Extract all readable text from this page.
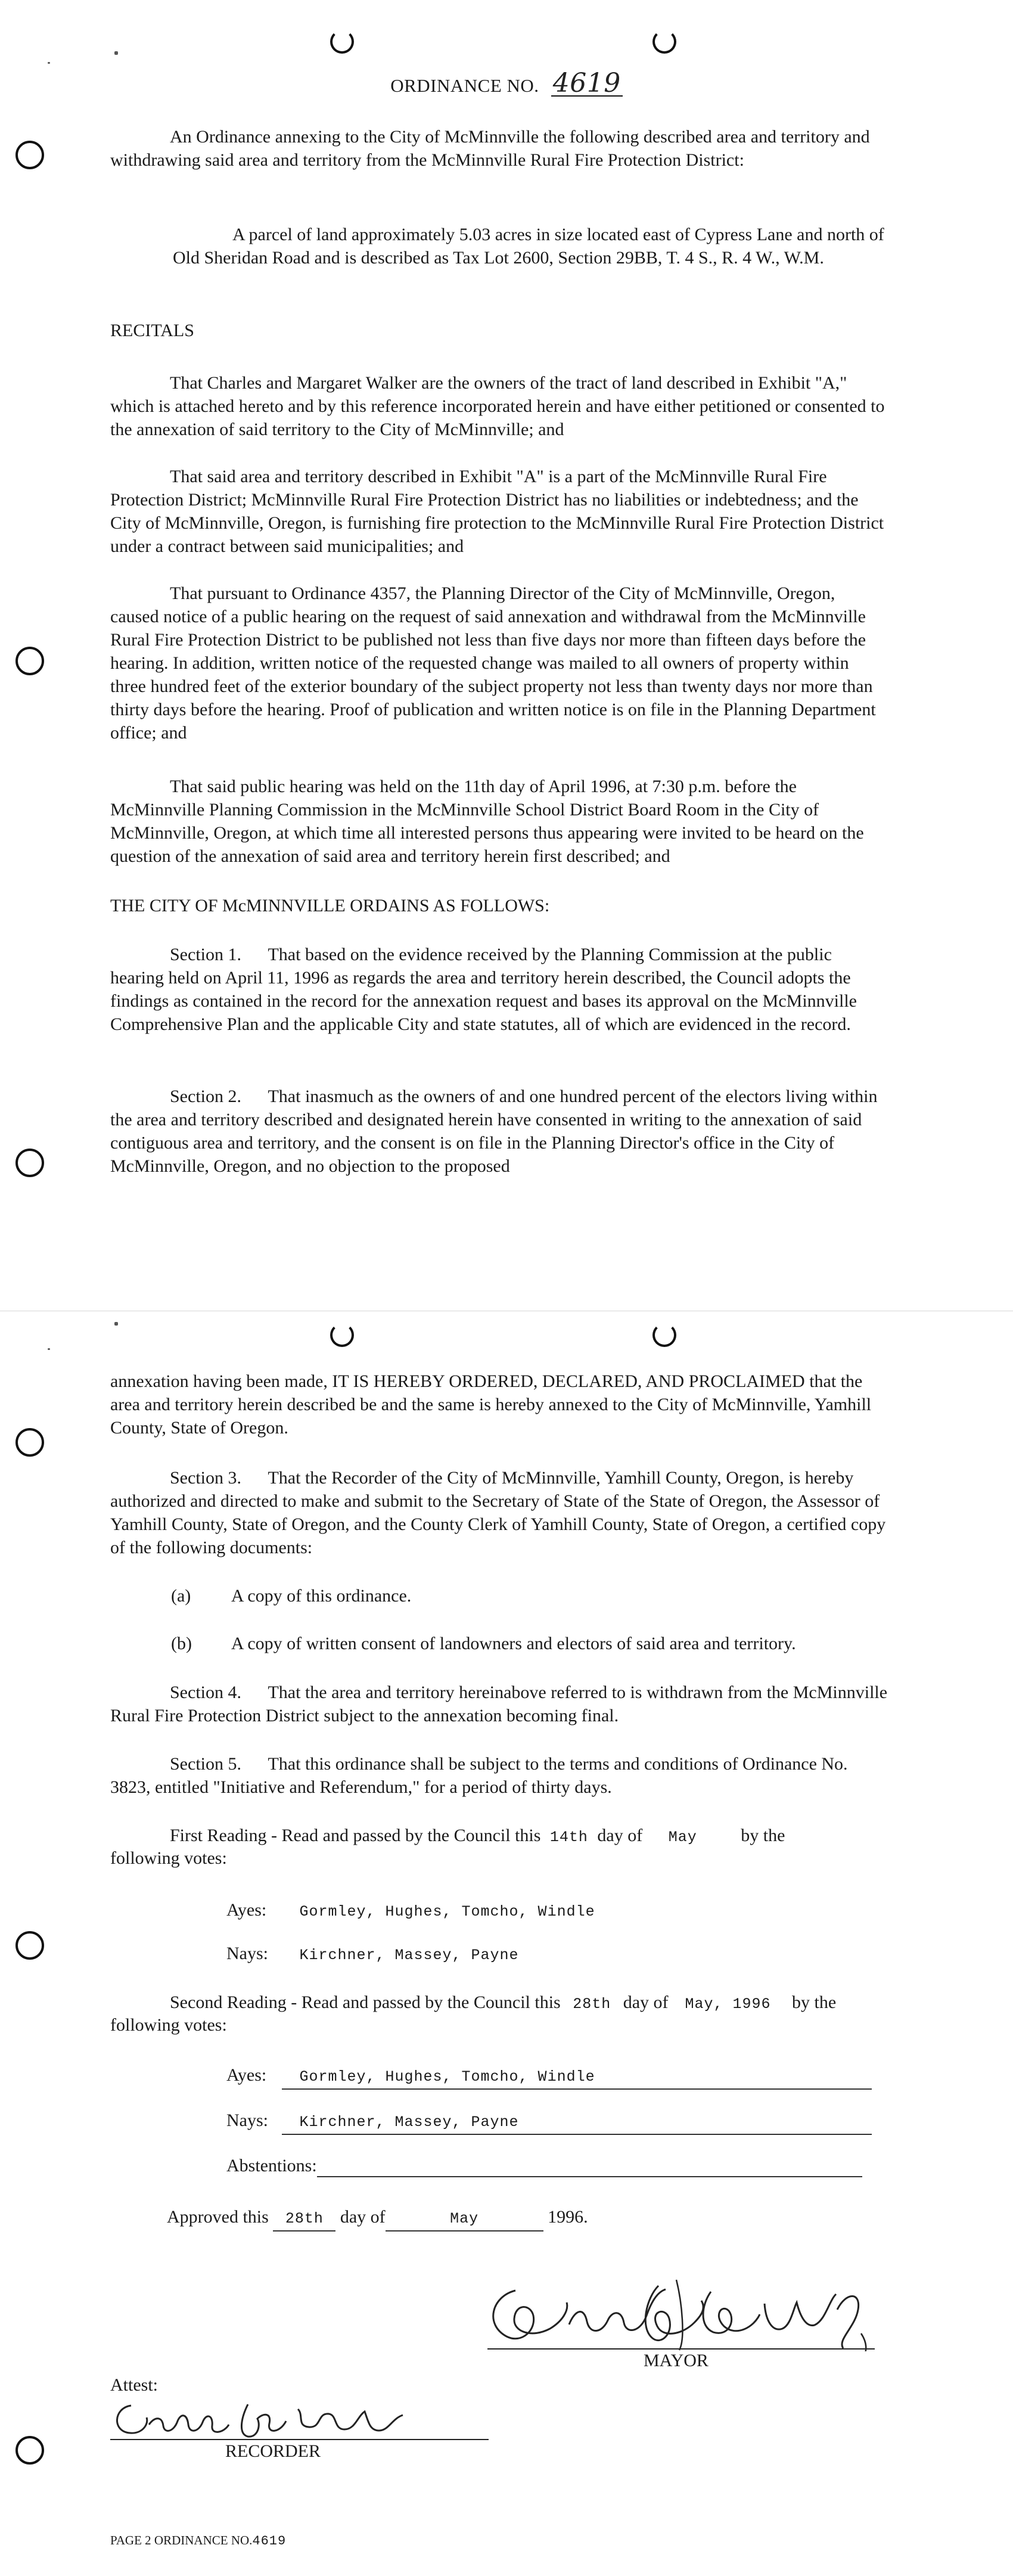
ORDINANCE NO. 4619

An Ordinance annexing to the City of McMinnville the following described area and territory and withdrawing said area and territory from the McMinnville Rural Fire Protection District:

A parcel of land approximately 5.03 acres in size located east of Cypress Lane and north of Old Sheridan Road and is described as Tax Lot 2600, Section 29BB, T. 4 S., R. 4 W., W.M.

RECITALS

That Charles and Margaret Walker are the owners of the tract of land described in Exhibit "A," which is attached hereto and by this reference incorporated herein and have either petitioned or consented to the annexation of said territory to the City of McMinnville; and

That said area and territory described in Exhibit "A" is a part of the McMinnville Rural Fire Protection District; McMinnville Rural Fire Protection District has no liabilities or indebtedness; and the City of McMinnville, Oregon, is furnishing fire protection to the McMinnville Rural Fire Protection District under a contract between said municipalities; and

That pursuant to Ordinance 4357, the Planning Director of the City of McMinnville, Oregon, caused notice of a public hearing on the request of said annexation and withdrawal from the McMinnville Rural Fire Protection District to be published not less than five days nor more than fifteen days before the hearing. In addition, written notice of the requested change was mailed to all owners of property within three hundred feet of the exterior boundary of the subject property not less than twenty days nor more than thirty days before the hearing. Proof of publication and written notice is on file in the Planning Department office; and

That said public hearing was held on the 11th day of April 1996, at 7:30 p.m. before the McMinnville Planning Commission in the McMinnville School District Board Room in the City of McMinnville, Oregon, at which time all interested persons thus appearing were invited to be heard on the question of the annexation of said area and territory herein first described; and

THE CITY OF McMINNVILLE ORDAINS AS FOLLOWS:

Section 1. That based on the evidence received by the Planning Commission at the public hearing held on April 11, 1996 as regards the area and territory herein described, the Council adopts the findings as contained in the record for the annexation request and bases its approval on the McMinnville Comprehensive Plan and the applicable City and state statutes, all of which are evidenced in the record.

Section 2. That inasmuch as the owners of and one hundred percent of the electors living within the area and territory described and designated herein have consented in writing to the annexation of said contiguous area and territory, and the consent is on file in the Planning Director's office in the City of McMinnville, Oregon, and no objection to the proposed

annexation having been made, IT IS HEREBY ORDERED, DECLARED, AND PROCLAIMED that the area and territory herein described be and the same is hereby annexed to the City of McMinnville, Yamhill County, State of Oregon.

Section 3. That the Recorder of the City of McMinnville, Yamhill County, Oregon, is hereby authorized and directed to make and submit to the Secretary of State of the State of Oregon, the Assessor of Yamhill County, State of Oregon, and the County Clerk of Yamhill County, State of Oregon, a certified copy of the following documents:

(a) A copy of this ordinance.
(b) A copy of written consent of landowners and electors of said area and territory.

Section 4. That the area and territory hereinabove referred to is withdrawn from the McMinnville Rural Fire Protection District subject to the annexation becoming final.

Section 5. That this ordinance shall be subject to the terms and conditions of Ordinance No. 3823, entitled "Initiative and Referendum," for a period of thirty days.

First Reading - Read and passed by the Council this 14th day of May by the
following votes:
Ayes: Gormley, Hughes, Tomcho, Windle
Nays: Kirchner, Massey, Payne
Second Reading - Read and passed by the Council this 28th day of May, 1996 by the
following votes:
Ayes: Gormley, Hughes, Tomcho, Windle
Nays: Kirchner, Massey, Payne
Abstentions:
Approved this 28th day of	May	1996.
MAYOR
Attest:
RECORDER
PAGE 2 ORDINANCE NO.4619
